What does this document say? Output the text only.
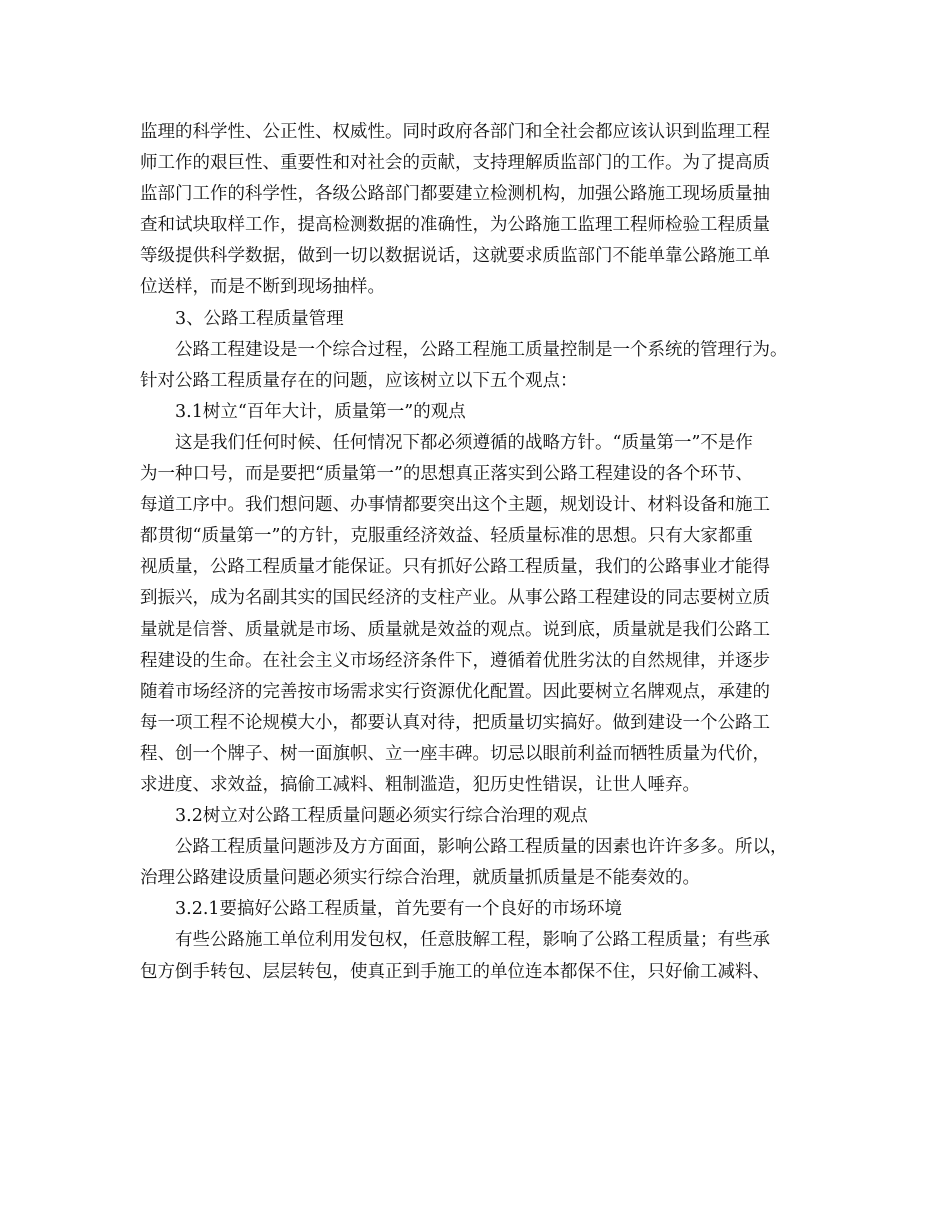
监理的科学性、公正性、权威性。同时政府各部门和全社会都应该认识到监理工程
师工作的艰巨性、重要性和对社会的贡献，支持理解质监部门的工作。为了提高质
监部门工作的科学性，各级公路部门都要建立检测机构，加强公路施工现场质量抽
查和试块取样工作，提高检测数据的准确性，为公路施工监理工程师检验工程质量
等级提供科学数据，做到一切以数据说话，这就要求质监部门不能单靠公路施工单
位送样，而是不断到现场抽样。
3、公路工程质量管理
公路工程建设是一个综合过程，公路工程施工质量控制是一个系统的管理行为。
针对公路工程质量存在的问题，应该树立以下五个观点：
3.1树立“百年大计，质量第一”的观点
这是我们任何时候、任何情况下都必须遵循的战略方针。“质量第一”不是作
为一种口号，而是要把“质量第一”的思想真正落实到公路工程建设的各个环节、
每道工序中。我们想问题、办事情都要突出这个主题，规划设计、材料设备和施工
都贯彻“质量第一”的方针，克服重经济效益、轻质量标准的思想。只有大家都重
视质量，公路工程质量才能保证。只有抓好公路工程质量，我们的公路事业才能得
到振兴，成为名副其实的国民经济的支柱产业。从事公路工程建设的同志要树立质
量就是信誉、质量就是市场、质量就是效益的观点。说到底，质量就是我们公路工
程建设的生命。在社会主义市场经济条件下，遵循着优胜劣汰的自然规律，并逐步
随着市场经济的完善按市场需求实行资源优化配置。因此要树立名牌观点，承建的
每一项工程不论规模大小，都要认真对待，把质量切实搞好。做到建设一个公路工
程、创一个牌子、树一面旗帜、立一座丰碑。切忌以眼前利益而牺牲质量为代价，
求进度、求效益，搞偷工减料、粗制滥造，犯历史性错误，让世人唾弃。
3.2树立对公路工程质量问题必须实行综合治理的观点
公路工程质量问题涉及方方面面，影响公路工程质量的因素也许许多多。所以，
治理公路建设质量问题必须实行综合治理，就质量抓质量是不能奏效的。
3.2.1要搞好公路工程质量，首先要有一个良好的市场环境
有些公路施工单位利用发包权，任意肢解工程，影响了公路工程质量；有些承
包方倒手转包、层层转包，使真正到手施工的单位连本都保不住，只好偷工减料、
